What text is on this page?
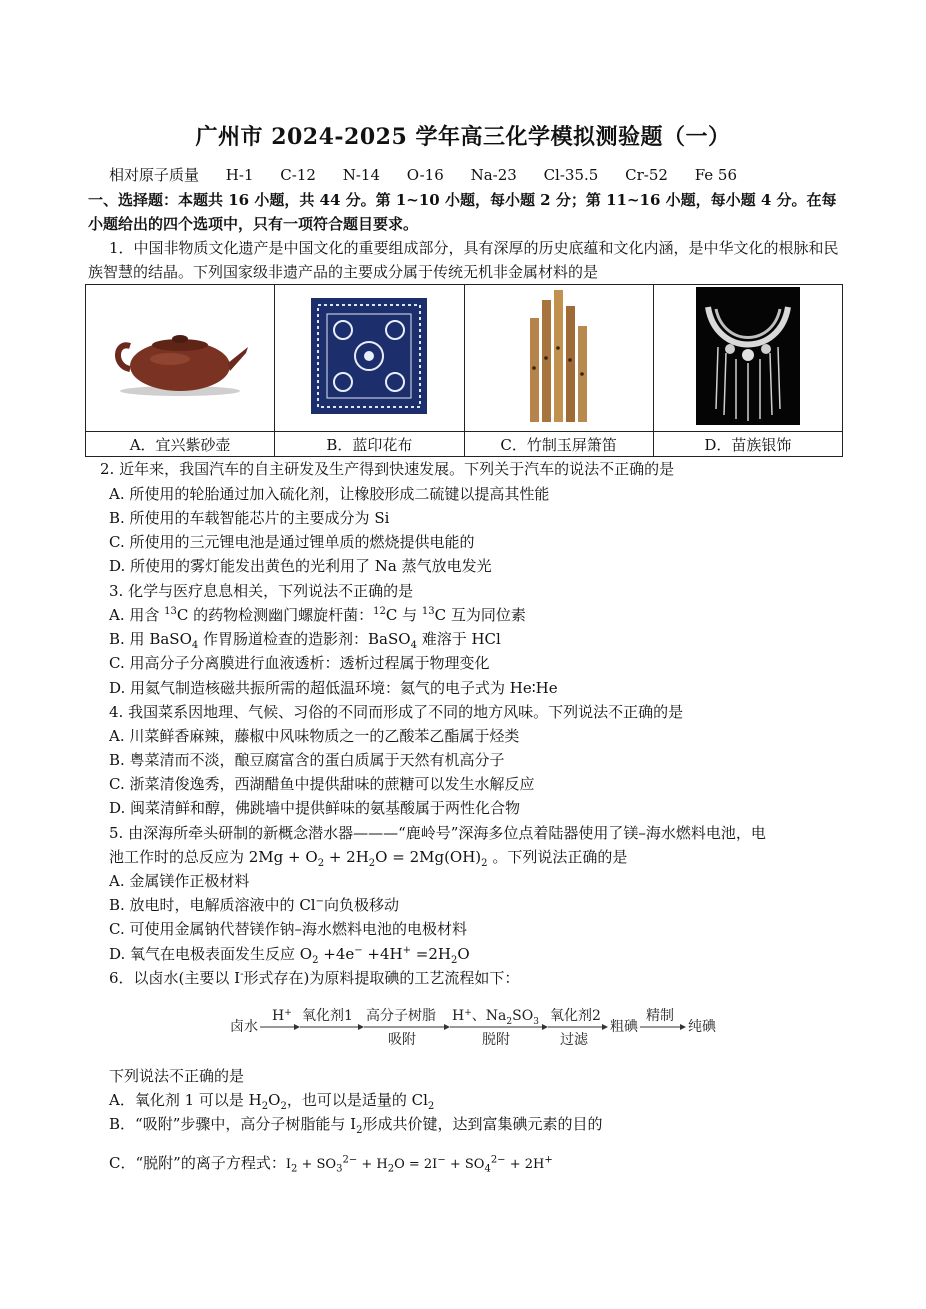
广州市 2024-2025 学年高三化学模拟测验题（一）
相对原子质量 H-1 C-12 N-14 O-16 Na-23 Cl-35.5 Cr-52 Fe 56
一、选择题：本题共 16 小题，共 44 分。第 1~10 小题，每小题 2 分；第 11~16 小题，每小题 4 分。在每小题给出的四个选项中，只有一项符合题目要求。
1．中国非物质文化遗产是中国文化的重要组成部分，具有深厚的历史底蕴和文化内涵，是中华文化的根脉和民族智慧的结晶。下列国家级非遗产品的主要成分属于传统无机非金属材料的是

A．宜兴紫砂壶	B．蓝印花布	C．竹制玉屏箫笛	D．苗族银饰
2. 近年来，我国汽车的自主研发及生产得到快速发展。下列关于汽车的说法不正确的是
A. 所使用的轮胎通过加入硫化剂，让橡胶形成二硫键以提高其性能
B. 所使用的车载智能芯片的主要成分为 Si
C. 所使用的三元锂电池是通过锂单质的燃烧提供电能的
D. 所使用的雾灯能发出黄色的光利用了 Na 蒸气放电发光
3. 化学与医疗息息相关，下列说法不正确的是
A. 用含 $^{13}$C 的药物检测幽门螺旋杆菌：$^{12}$C 与 $^{13}$C 互为同位素
B. 用 BaSO$_4$ 作胃肠道检查的造影剂：BaSO$_4$ 难溶于 HCl
C. 用高分子分离膜进行血液透析：透析过程属于物理变化
D. 用氦气制造核磁共振所需的超低温环境：氦气的电子式为 He∶He
4. 我国菜系因地理、气候、习俗的不同而形成了不同的地方风味。下列说法不正确的是
A. 川菜鲜香麻辣，藤椒中风味物质之一的乙酸苯乙酯属于烃类
B. 粤菜清而不淡，酿豆腐富含的蛋白质属于天然有机高分子
C. 浙菜清俊逸秀，西湖醋鱼中提供甜味的蔗糖可以发生水解反应
D. 闽菜清鲜和醇，佛跳墙中提供鲜味的氨基酸属于两性化合物
5. 由深海所牵头研制的新概念潜水器———“鹿岭号”深海多位点着陆器使用了镁–海水燃料电池，电
池工作时的总反应为 $2Mg + O_2 + 2H_2O = 2Mg(OH)_2$ 。下列说法正确的是
A. 金属镁作正极材料
B. 放电时，电解质溶液中的 Cl−向负极移动
C. 可使用金属钠代替镁作钠–海水燃料电池的电极材料
D. 氧气在电极表面发生反应 $O_2 +4e^- +4H^+ =2H_2O$
6．以卤水(主要以 I-形式存在)为原料提取碘的工艺流程如下：
卤水
H+ 氧化剂1 高分子树脂
吸附
H+、$Na_2SO_3$
脱附
氧化剂2
过滤
粗碘
精制
纯碘
下列说法不正确的是
A．氧化剂 1 可以是 $H_2O_2$，也可以是适量的 $Cl_2$
B．“吸附”步骤中，高分子树脂能与 $I_2$形成共价键，达到富集碘元素的目的
C．“脱附”的离子方程式：$I_2 + SO_3^{2-} + H_2O = 2I^- + SO_4^{2-} + 2H^+$
